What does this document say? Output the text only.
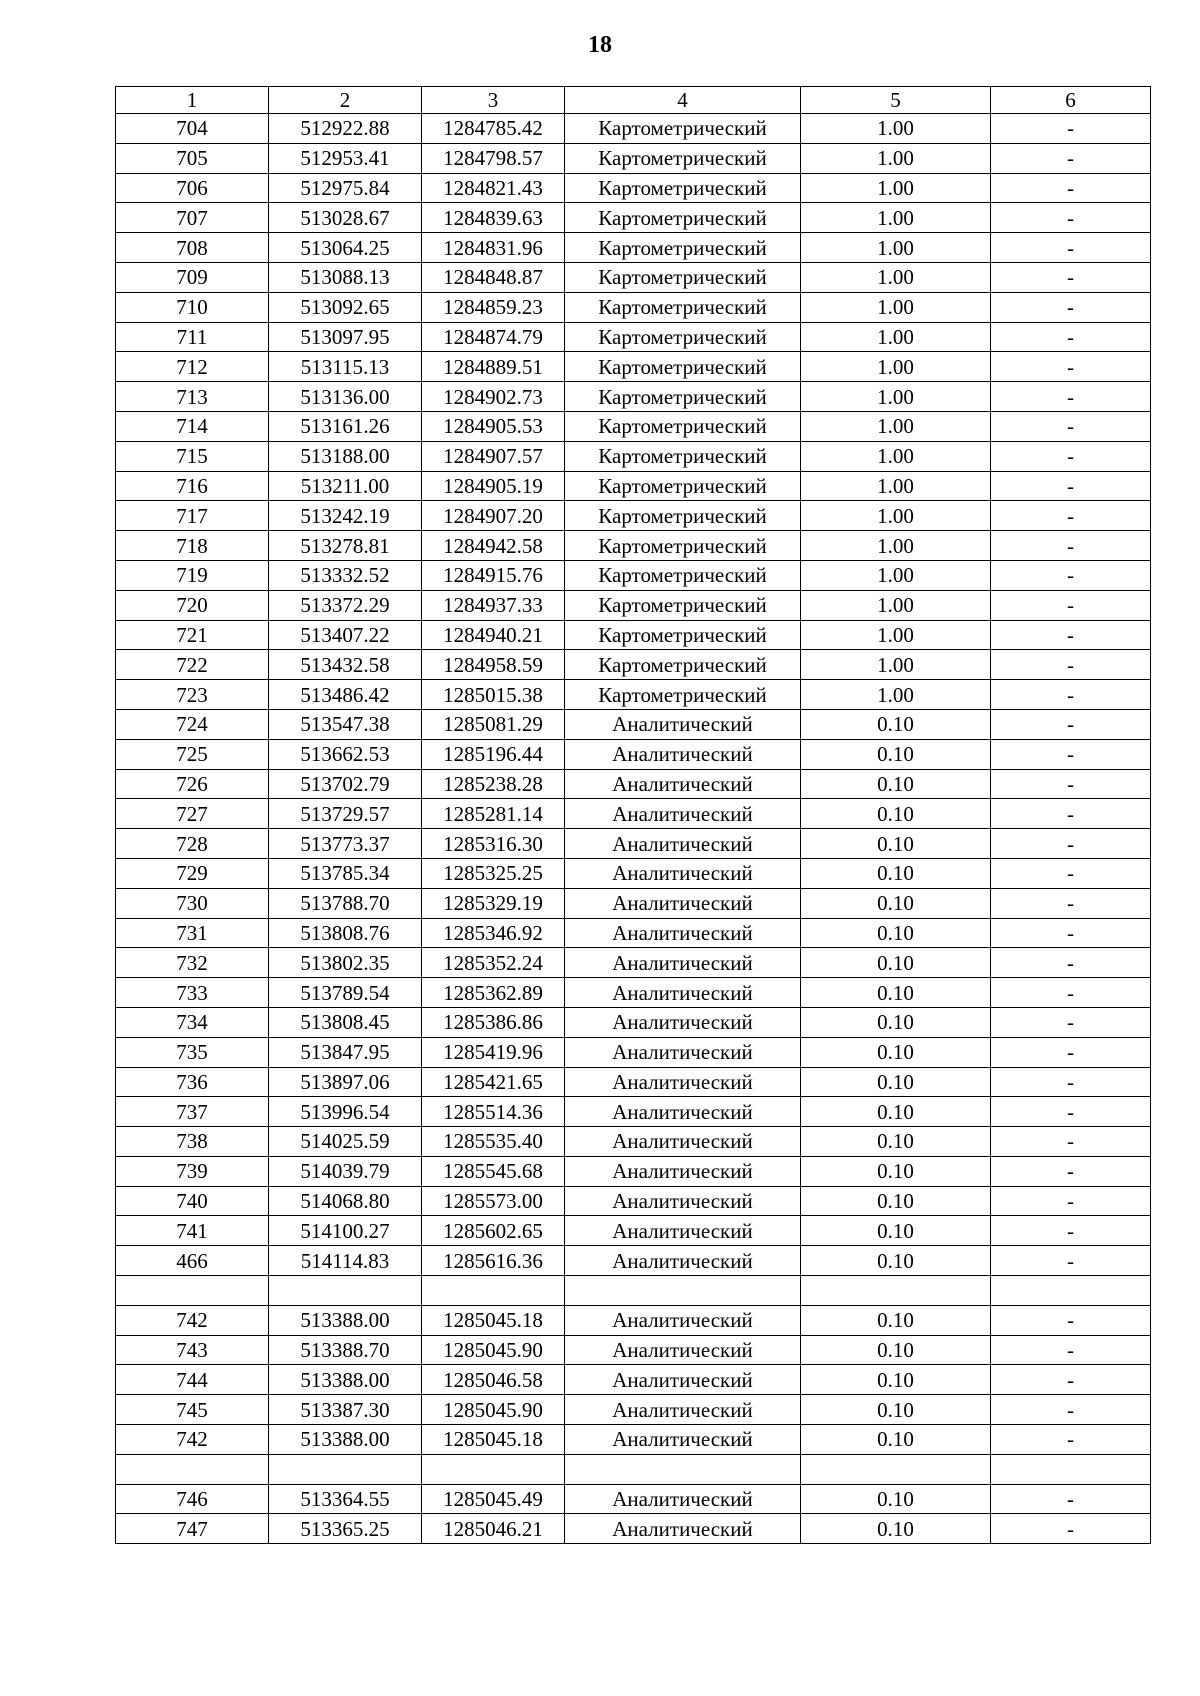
18
1	2	3	4	5	6
704	512922.88	1284785.42	Картометрический	1.00	-
705	512953.41	1284798.57	Картометрический	1.00	-
706	512975.84	1284821.43	Картометрический	1.00	-
707	513028.67	1284839.63	Картометрический	1.00	-
708	513064.25	1284831.96	Картометрический	1.00	-
709	513088.13	1284848.87	Картометрический	1.00	-
710	513092.65	1284859.23	Картометрический	1.00	-
711	513097.95	1284874.79	Картометрический	1.00	-
712	513115.13	1284889.51	Картометрический	1.00	-
713	513136.00	1284902.73	Картометрический	1.00	-
714	513161.26	1284905.53	Картометрический	1.00	-
715	513188.00	1284907.57	Картометрический	1.00	-
716	513211.00	1284905.19	Картометрический	1.00	-
717	513242.19	1284907.20	Картометрический	1.00	-
718	513278.81	1284942.58	Картометрический	1.00	-
719	513332.52	1284915.76	Картометрический	1.00	-
720	513372.29	1284937.33	Картометрический	1.00	-
721	513407.22	1284940.21	Картометрический	1.00	-
722	513432.58	1284958.59	Картометрический	1.00	-
723	513486.42	1285015.38	Картометрический	1.00	-
724	513547.38	1285081.29	Аналитический	0.10	-
725	513662.53	1285196.44	Аналитический	0.10	-
726	513702.79	1285238.28	Аналитический	0.10	-
727	513729.57	1285281.14	Аналитический	0.10	-
728	513773.37	1285316.30	Аналитический	0.10	-
729	513785.34	1285325.25	Аналитический	0.10	-
730	513788.70	1285329.19	Аналитический	0.10	-
731	513808.76	1285346.92	Аналитический	0.10	-
732	513802.35	1285352.24	Аналитический	0.10	-
733	513789.54	1285362.89	Аналитический	0.10	-
734	513808.45	1285386.86	Аналитический	0.10	-
735	513847.95	1285419.96	Аналитический	0.10	-
736	513897.06	1285421.65	Аналитический	0.10	-
737	513996.54	1285514.36	Аналитический	0.10	-
738	514025.59	1285535.40	Аналитический	0.10	-
739	514039.79	1285545.68	Аналитический	0.10	-
740	514068.80	1285573.00	Аналитический	0.10	-
741	514100.27	1285602.65	Аналитический	0.10	-
466	514114.83	1285616.36	Аналитический	0.10	-

742	513388.00	1285045.18	Аналитический	0.10	-
743	513388.70	1285045.90	Аналитический	0.10	-
744	513388.00	1285046.58	Аналитический	0.10	-
745	513387.30	1285045.90	Аналитический	0.10	-
742	513388.00	1285045.18	Аналитический	0.10	-

746	513364.55	1285045.49	Аналитический	0.10	-
747	513365.25	1285046.21	Аналитический	0.10	-
